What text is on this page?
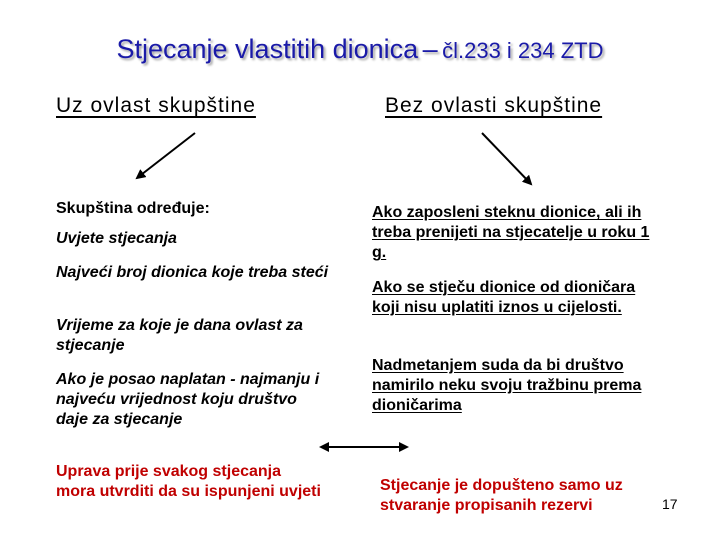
Stjecanje vlastitih dionica – čl.233 i 234 ZTD
Uz ovlast skupštine	Bez ovlasti skupštine
Skupština određuje:
Uvjete stjecanja
Najveći broj dionica koje treba steći
Vrijeme za koje je dana ovlast za stjecanje
Ako je posao naplatan - najmanju i najveću vrijednost koju društvo daje za stjecanje
Uprava prije svakog stjecanja mora utvrditi da su ispunjeni uvjeti
Ako zaposleni steknu dionice, ali ih treba prenijeti na stjecatelje u roku 1 g.
Ako se stječu dionice od dioničara koji nisu uplatiti iznos u cijelosti.
Nadmetanjem suda da bi društvo namirilo neku svoju tražbinu prema dioničarima
Stjecanje je dopušteno samo uz stvaranje propisanih rezervi	17
